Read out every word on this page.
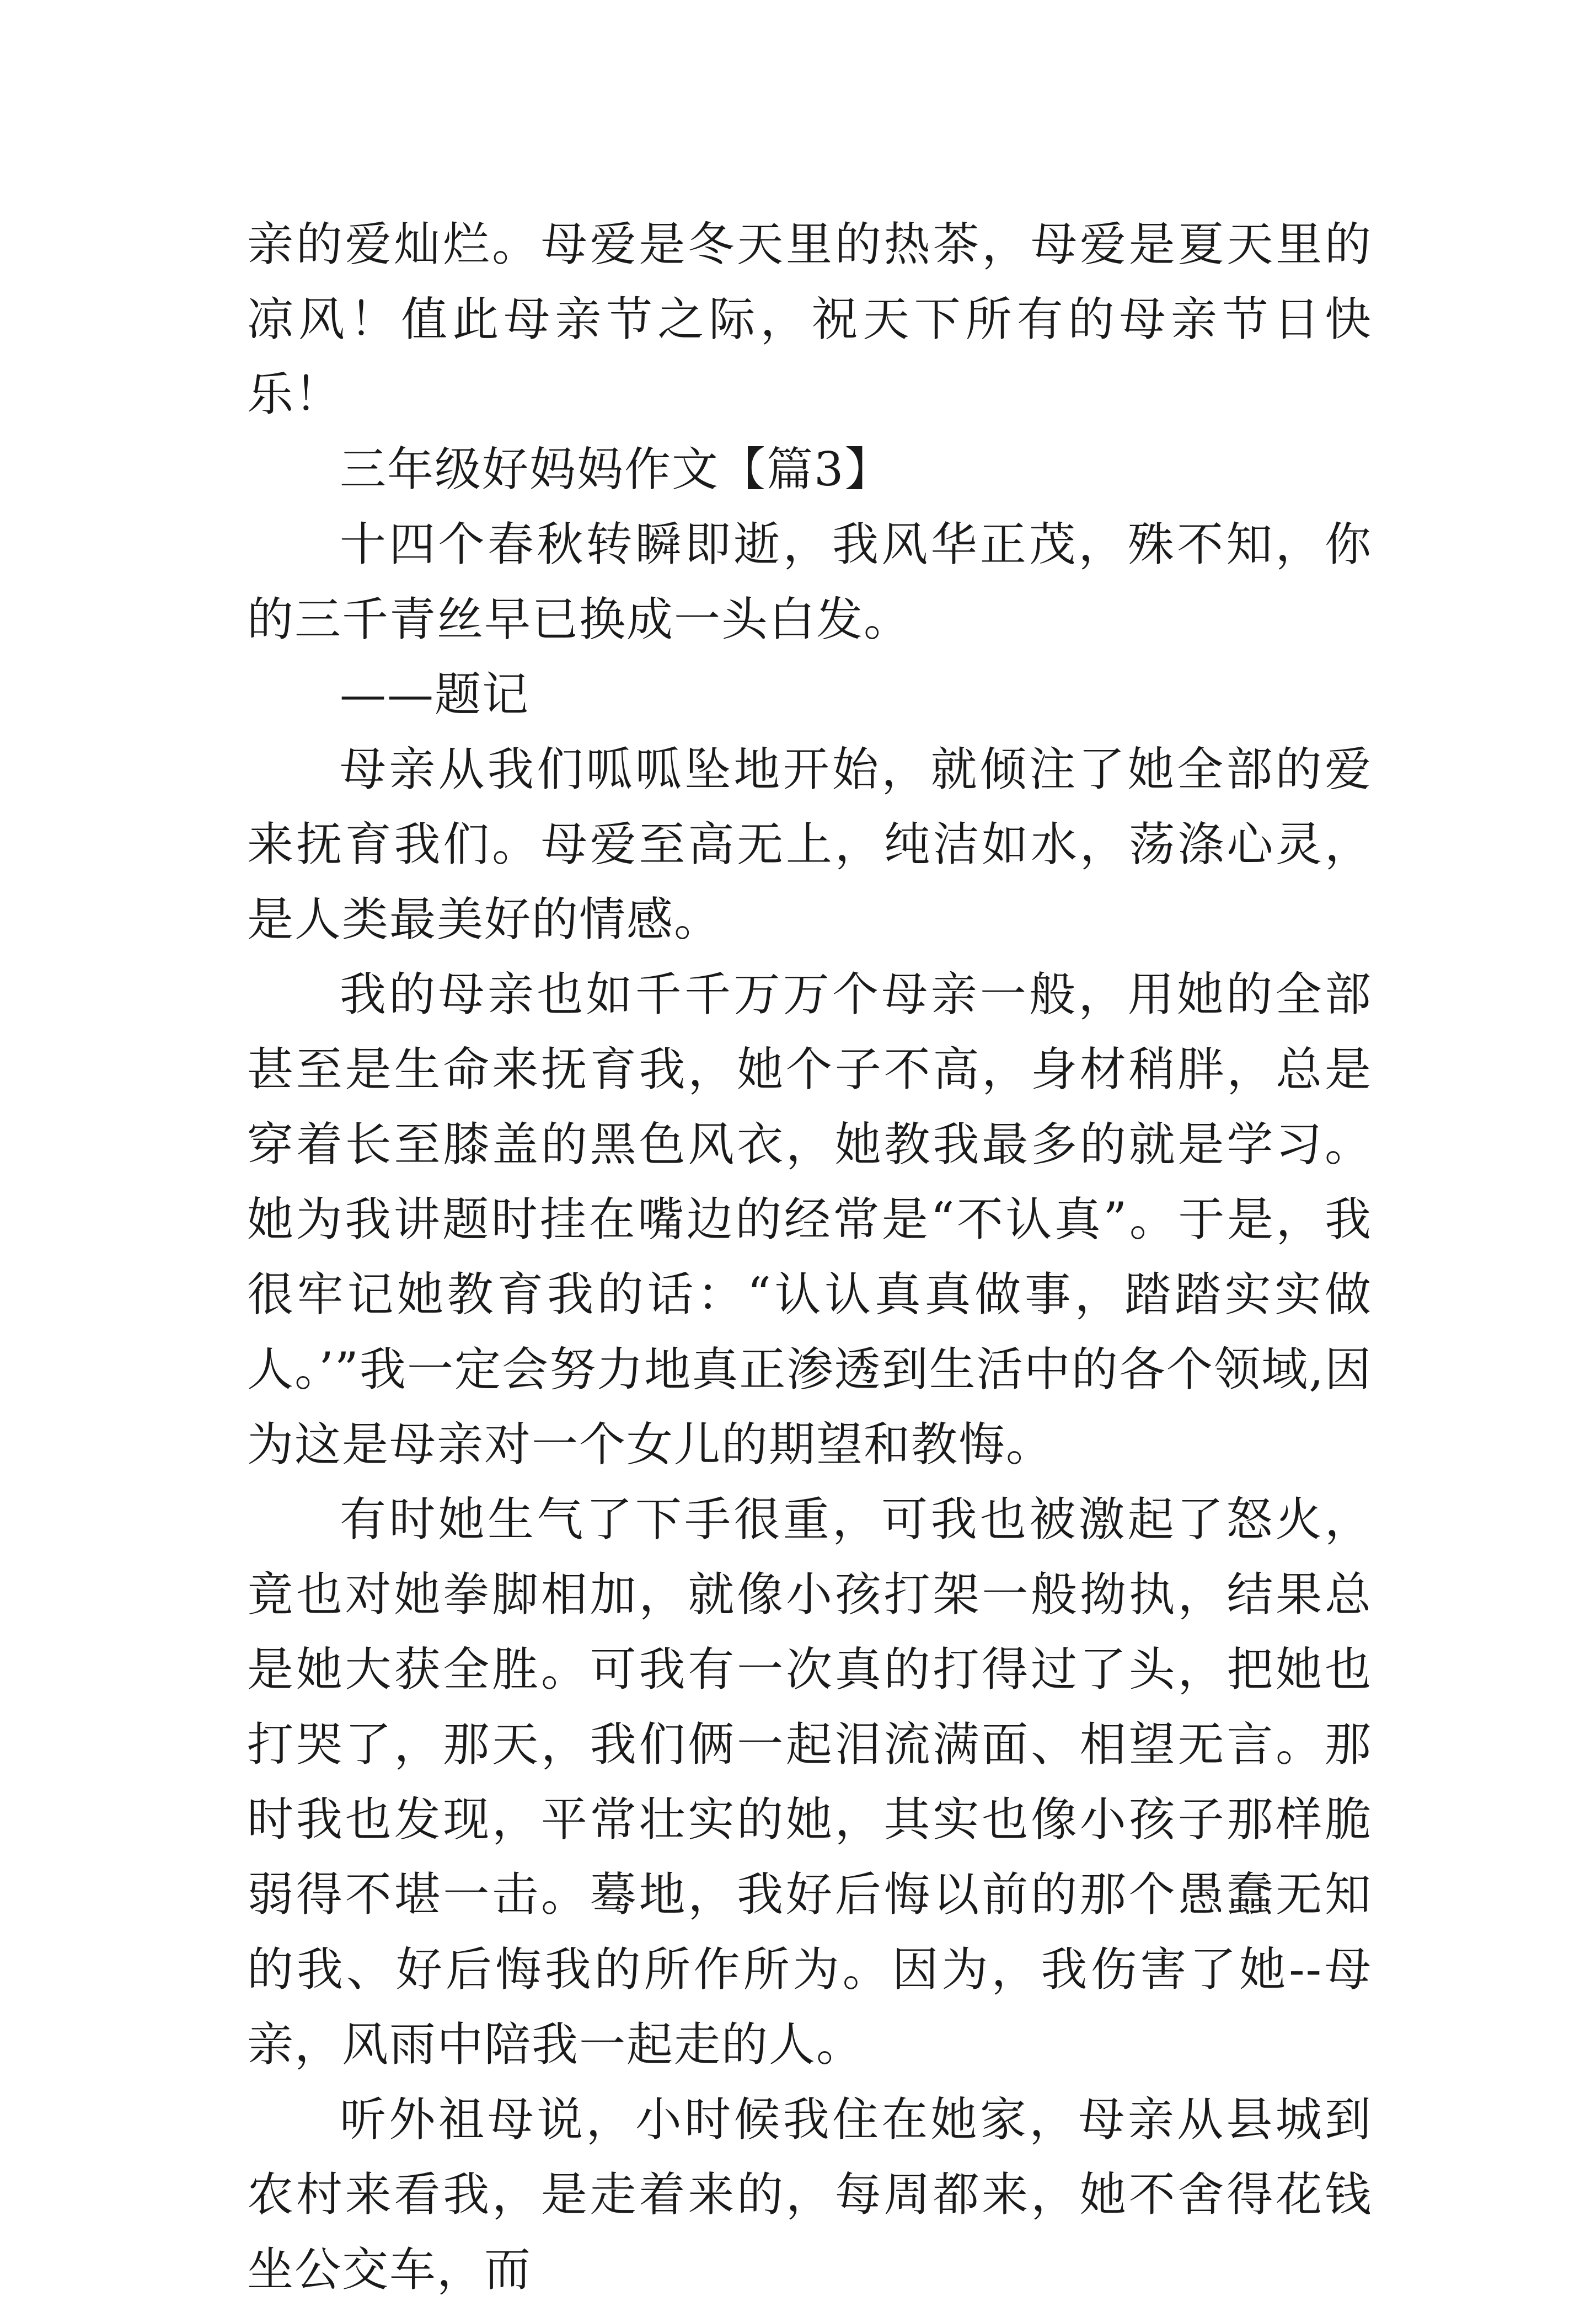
亲的爱灿烂。母爱是冬天里的热茶，母爱是夏天里的凉风！值此母亲节之际，祝天下所有的母亲节日快乐！

三年级好妈妈作文【篇3】

十四个春秋转瞬即逝，我风华正茂，殊不知，你的三千青丝早已换成一头白发。

——题记

母亲从我们呱呱坠地开始，就倾注了她全部的爱来抚育我们。母爱至高无上，纯洁如水，荡涤心灵，是人类最美好的情感。

我的母亲也如千千万万个母亲一般，用她的全部甚至是生命来抚育我，她个子不高，身材稍胖，总是穿着长至膝盖的黑色风衣，她教我最多的就是学习。她为我讲题时挂在嘴边的经常是“不认真”。于是，我很牢记她教育我的话：“认认真真做事，踏踏实实做人。’”我一定会努力地真正渗透到生活中的各个领域,因为这是母亲对一个女儿的期望和教悔。

有时她生气了下手很重，可我也被激起了怒火，竟也对她拳脚相加，就像小孩打架一般拗执，结果总是她大获全胜。可我有一次真的打得过了头，把她也打哭了，那天，我们俩一起泪流满面、相望无言。那时我也发现，平常壮实的她，其实也像小孩子那样脆弱得不堪一击。蓦地，我好后悔以前的那个愚蠢无知的我、好后悔我的所作所为。因为，我伤害了她--母亲，风雨中陪我一起走的人。

听外祖母说，小时候我住在她家，母亲从县城到农村来看我，是走着来的，每周都来，她不舍得花钱坐公交车，而
